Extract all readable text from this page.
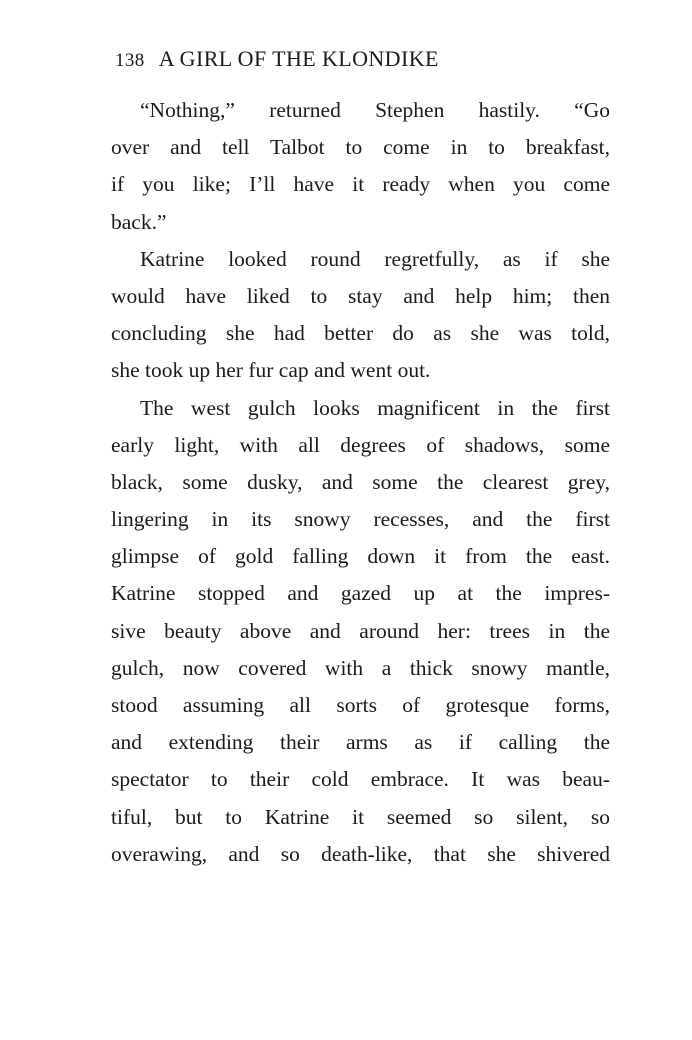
138 A GIRL OF THE KLONDIKE
“Nothing,” returned Stephen hastily. “Go
over and tell Talbot to come in to breakfast,
if you like; I’ll have it ready when you come
back.”
Katrine looked round regretfully, as if she
would have liked to stay and help him; then
concluding she had better do as she was told,
she took up her fur cap and went out.
The west gulch looks magnificent in the first
early light, with all degrees of shadows, some
black, some dusky, and some the clearest grey,
lingering in its snowy recesses, and the first
glimpse of gold falling down it from the east.
Katrine stopped and gazed up at the impres-
sive beauty above and around her: trees in the
gulch, now covered with a thick snowy mantle,
stood assuming all sorts of grotesque forms,
and extending their arms as if calling the
spectator to their cold embrace. It was beau-
tiful, but to Katrine it seemed so silent, so
overawing, and so death-like, that she shivered
